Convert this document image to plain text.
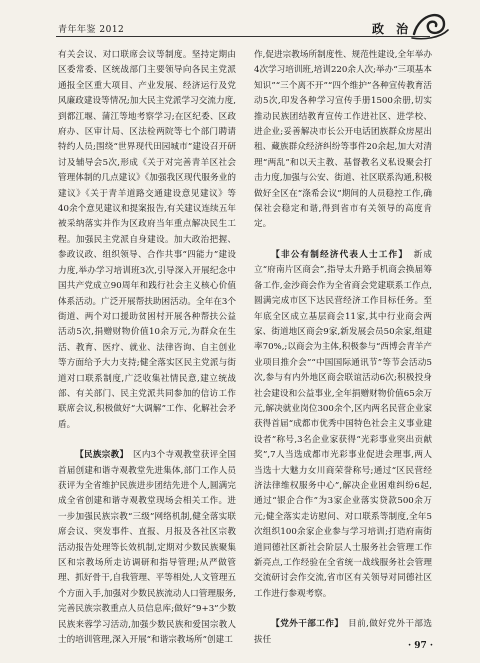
青年年鉴 2012	政 治

有关会议、对口联席会议等制度。坚持定期由区委常委、区统战部门主要领导向各民主党派通报全区重大项目、产业发展、经济运行及党风廉政建设等情况;加大民主党派学习交流力度,到都江堰、蒲江等地考察学习;在区纪委、区政府办、区审计局、区法检两院等七个部门聘请特约人员;围绕“世界现代田园城市”建设召开研讨及辅导会5次,形成《关于对完善青羊区社会管理体制的几点建议》《加强我区现代服务业的建议》《关于青羊道路交通建设意见建议》等40余个意见建议和提案报告,有关建议连续五年被采纳落实并作为区政府当年重点解决民生工程。加强民主党派自身建设。加大政治把握、参政议政、组织领导、合作共事“四能力”建设力度,举办学习培训班3次,引导深入开展纪念中国共产党成立90周年和践行社会主义核心价值体系活动。广泛开展帮扶助困活动。全年在3个街道、两个对口援助贫困村开展各种帮扶公益活动5次,捐赠财物价值10余万元,为群众在生活、教育、医疗、就业、法律咨询、自主创业等方面给予大力支持;健全落实区民主党派与街道对口联系制度,广泛收集社情民意,建立统战部、有关部门、民主党派共同参加的信访工作联席会议,积极做好“大调解”工作、化解社会矛盾。

【民族宗教】　 区内3个寺观教堂获评全国首届创建和谐寺观教堂先进集体,部门工作人员获评为全省维护民族进步团结先进个人,圆满完成全省创建和谐寺观教堂现场会相关工作。进一步加强民族宗教“三级”网络机制,健全落实联席会议、突发事件、直报、月报及各社区宗教活动报告处理等长效机制,定期对少数民族聚集区和宗教场所走访调研和指导管理;从严做管理、抓好骨干,自我管理、平等相处,人文管理五个方面入手,加强对少数民族流动人口管理服务,完善民族宗教重点人员信息库;做好“9+3”少数民族来蓉学习活动,加强少数民族和爱国宗教人士的培训管理,深入开展“和谐宗教场所”创建工

作,促进宗教场所制度性、规范性建设,全年举办4次学习培训班,培训220余人次;举办“三项基本知识”“三个离不开”“四个维护”各种宣传教育活动5次,印发各种学习宣传手册1500余册,切实推动民族团结教育宣传工作进社区、进学校、进企业;妥善解决市长公开电话团族群众房屋出租、藏族群众经济纠纷等事件20余起,加大对清理“两乱”和以天主教、基督教名义私设聚会打击力度,加强与公安、街道、社区联系沟通,积极做好全区在“涤希会议”期间的人员稳控工作,确保社会稳定和谐,得到省市有关领导的高度肯定。

【非公有制经济代表人士工作】　 新成立“府南片区商会”,指导太升路手机商会换届筹备工作,金沙商会作为全省商会党建联系工作点,圆满完成市区下达民营经济工作目标任务。至年底全区成立基层商会11家,其中行业商会两家、街道地区商会9家,新发展会员50余家,组建率70%,;以商会为主体,积极参与“西博会青羊产业项目推介会”“中国国际通讯节”等节会活动5次,参与有内外地区商会联谊活动6次;积极投身社会建设和公益事业,全年捐赠财物价值65余万元,解决就业岗位300余个,区内两名民营企业家获得首届“成都市优秀中国特色社会主义事业建设者”称号,3名企业家获得“光彩事业突出贡献奖”,7人当选成都市光彩事业促进会理事,两人当选十大魅力女川商荣誉称号;通过“区民营经济法律维权服务中心”,解决企业困难纠纷6起,通过“银企合作”为3家企业落实贷款500余万元;健全落实走访慰问、对口联系等制度,全年5次组织100余家企业参与学习培训;打造府南街道同德社区新社会阶层人士服务社会管理工作新亮点,工作经验在全省统一战线服务社会管理交流研讨会作交流,省市区有关领导对同德社区工作进行参观考察。

【党外干部工作】　 目前,做好党外干部选拔任

· 97 ·
